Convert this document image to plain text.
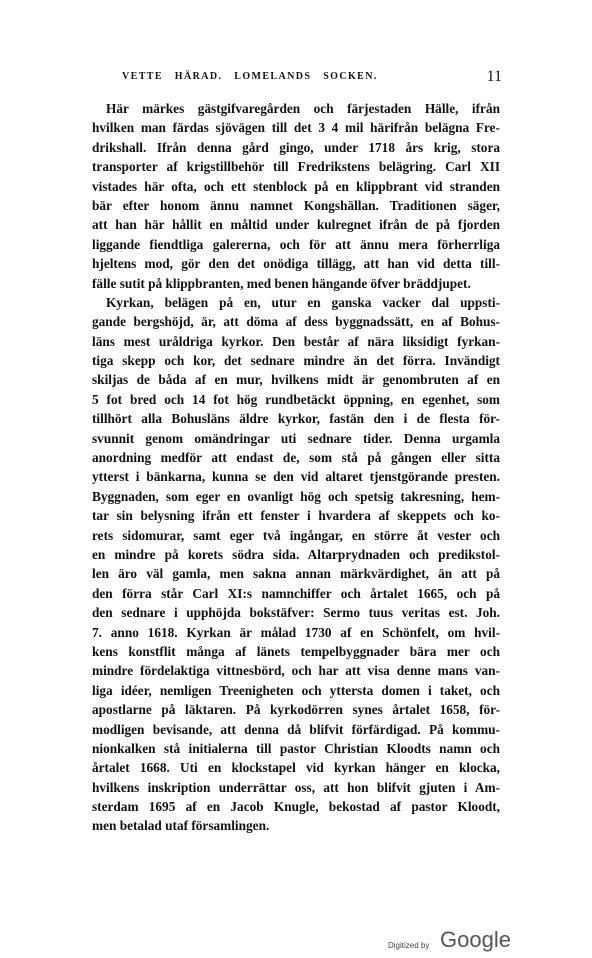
VETTE HÄRAD. LOMELANDS SOCKEN.	11
Här märkes gästgifvaregården och färjestaden Hälle, ifrån
hvilken man färdas sjövägen till det 3 4 mil härifrån belägna Fre-
drikshall. Ifrån denna gård gingo, under 1718 års krig, stora
transporter af krigstillbehör till Fredrikstens belägring. Carl XII
vistades här ofta, och ett stenblock på en klippbrant vid stranden
bär efter honom ännu namnet Kongshällan. Traditionen säger,
att han här hållit en måltid under kulregnet ifrån de på fjorden
liggande fiendtliga galererna, och för att ännu mera förherrliga
hjeltens mod, gör den det onödiga tillägg, att han vid detta till-
fälle sutit på klippbranten, med benen hängande öfver bräddjupet.
Kyrkan, belägen på en, utur en ganska vacker dal uppsti-
gande bergshöjd, är, att döma af dess byggnadssätt, en af Bohus-
läns mest uråldriga kyrkor. Den består af nära liksidigt fyrkan-
tiga skepp och kor, det sednare mindre än det förra. Invändigt
skiljas de båda af en mur, hvilkens midt är genombruten af en
5 fot bred och 14 fot hög rundbetäckt öppning, en egenhet, som
tillhört alla Bohusläns äldre kyrkor, fastän den i de flesta för-
svunnit genom omändringar uti sednare tider. Denna urgamla
anordning medför att endast de, som stå på gången eller sitta
ytterst i bänkarna, kunna se den vid altaret tjenstgörande presten.
Byggnaden, som eger en ovanligt hög och spetsig takresning, hem-
tar sin belysning ifrån ett fenster i hvardera af skeppets och ko-
rets sidomurar, samt eger två ingångar, en större åt vester och
en mindre på korets södra sida. Altarprydnaden och predikstol-
len äro väl gamla, men sakna annan märkvärdighet, än att på
den förra står Carl XI:s namnchiffer och årtalet 1665, och på
den sednare i upphöjda bokstäfver: Sermo tuus veritas est. Joh.
7. anno 1618. Kyrkan är målad 1730 af en Schönfelt, om hvil-
kens konstflit många af länets tempelbyggnader bära mer och
mindre fördelaktiga vittnesbörd, och har att visa denne mans van-
liga idéer, nemligen Treenigheten och ytterstа domen i taket, och
apostlarne på läktaren. På kyrkodörren synes årtalet 1658, för-
modligen bevisande, att denna då blifvit förfärdigad. På kommu-
nionkalken stå initialerna till pastor Christian Kloodts namn och
årtalet 1668. Uti en klockstapel vid kyrkan hänger en klocka,
hvilkens inskription underrättar oss, att hon blifvit gjuten i Am-
sterdam 1695 af en Jacob Knugle, bekostad af pastor Kloodt,
men betalad utaf församlingen.
Digitized by Google
